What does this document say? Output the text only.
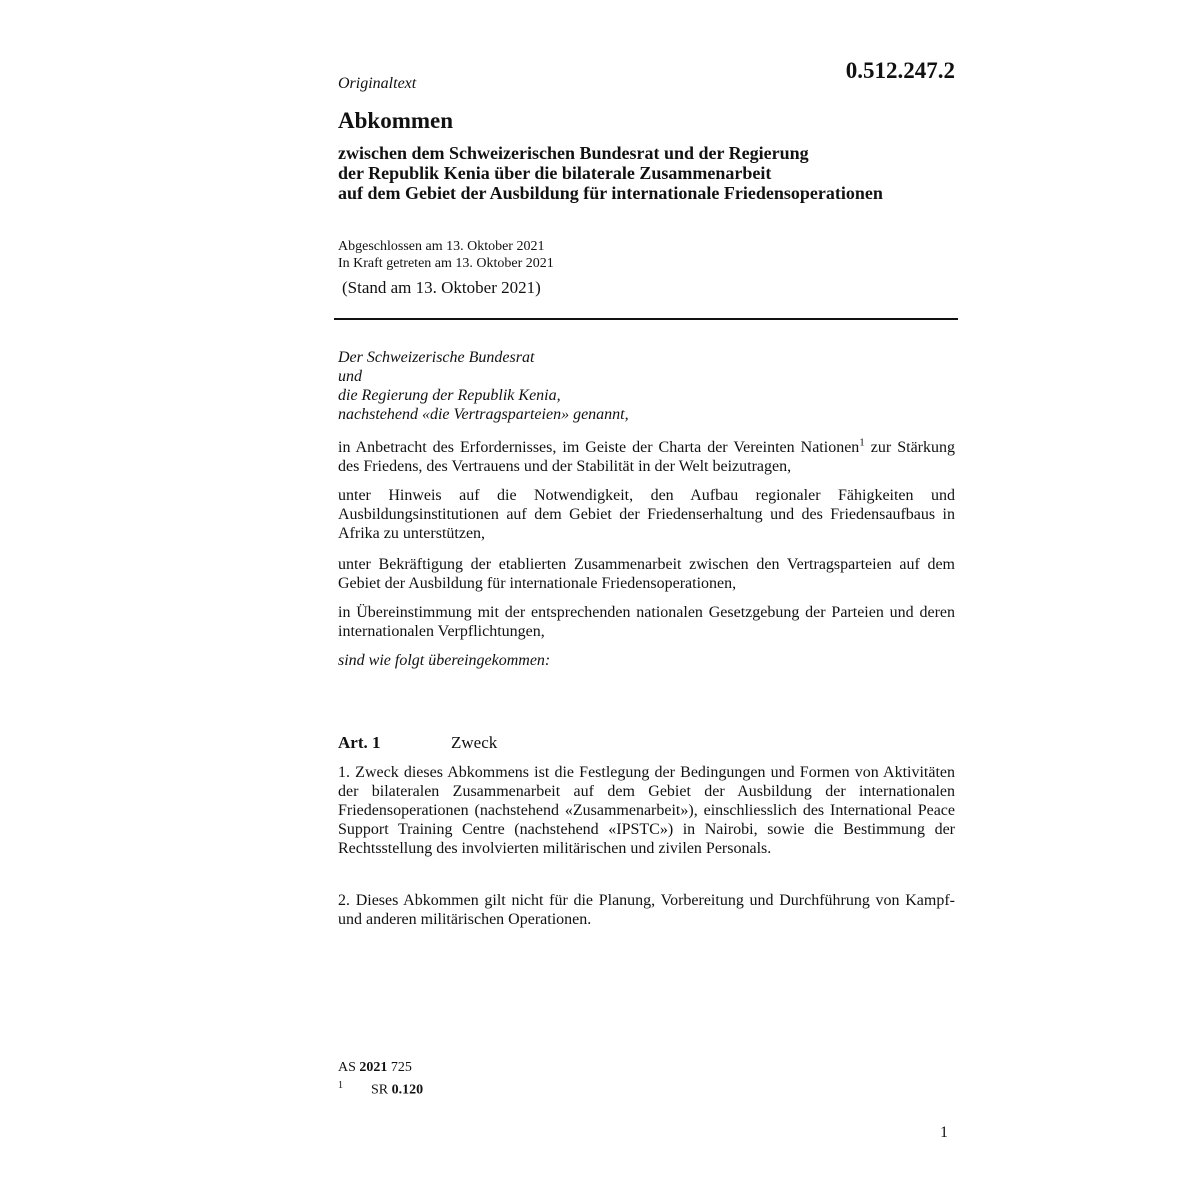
0.512.247.2
Originaltext
Abkommen
zwischen dem Schweizerischen Bundesrat und der Regierung
der Republik Kenia über die bilaterale Zusammenarbeit
auf dem Gebiet der Ausbildung für internationale Friedensoperationen
Abgeschlossen am 13. Oktober 2021
In Kraft getreten am 13. Oktober 2021
(Stand am 13. Oktober 2021)
Der Schweizerische Bundesrat
und
die Regierung der Republik Kenia,
nachstehend «die Vertragsparteien» genannt,
in Anbetracht des Erfordernisses, im Geiste der Charta der Vereinten Nationen$^1$ zur Stärkung des Friedens, des Vertrauens und der Stabilität in der Welt beizutragen,
unter Hinweis auf die Notwendigkeit, den Aufbau regionaler Fähigkeiten und Ausbildungsinstitutionen auf dem Gebiet der Friedenserhaltung und des Friedensaufbaus in Afrika zu unterstützen,
unter Bekräftigung der etablierten Zusammenarbeit zwischen den Vertragsparteien auf dem Gebiet der Ausbildung für internationale Friedensoperationen,
in Übereinstimmung mit der entsprechenden nationalen Gesetzgebung der Parteien und deren internationalen Verpflichtungen,
sind wie folgt übereingekommen:
Art. 1	Zweck
1. Zweck dieses Abkommens ist die Festlegung der Bedingungen und Formen von Aktivitäten der bilateralen Zusammenarbeit auf dem Gebiet der Ausbildung der internationalen Friedensoperationen (nachstehend «Zusammenarbeit»), einschliesslich des International Peace Support Training Centre (nachstehend «IPSTC») in Nairobi, sowie die Bestimmung der Rechtsstellung des involvierten militärischen und zivilen Personals.
2. Dieses Abkommen gilt nicht für die Planung, Vorbereitung und Durchführung von Kampf- und anderen militärischen Operationen.
AS 2021 725
1 SR 0.120
1
